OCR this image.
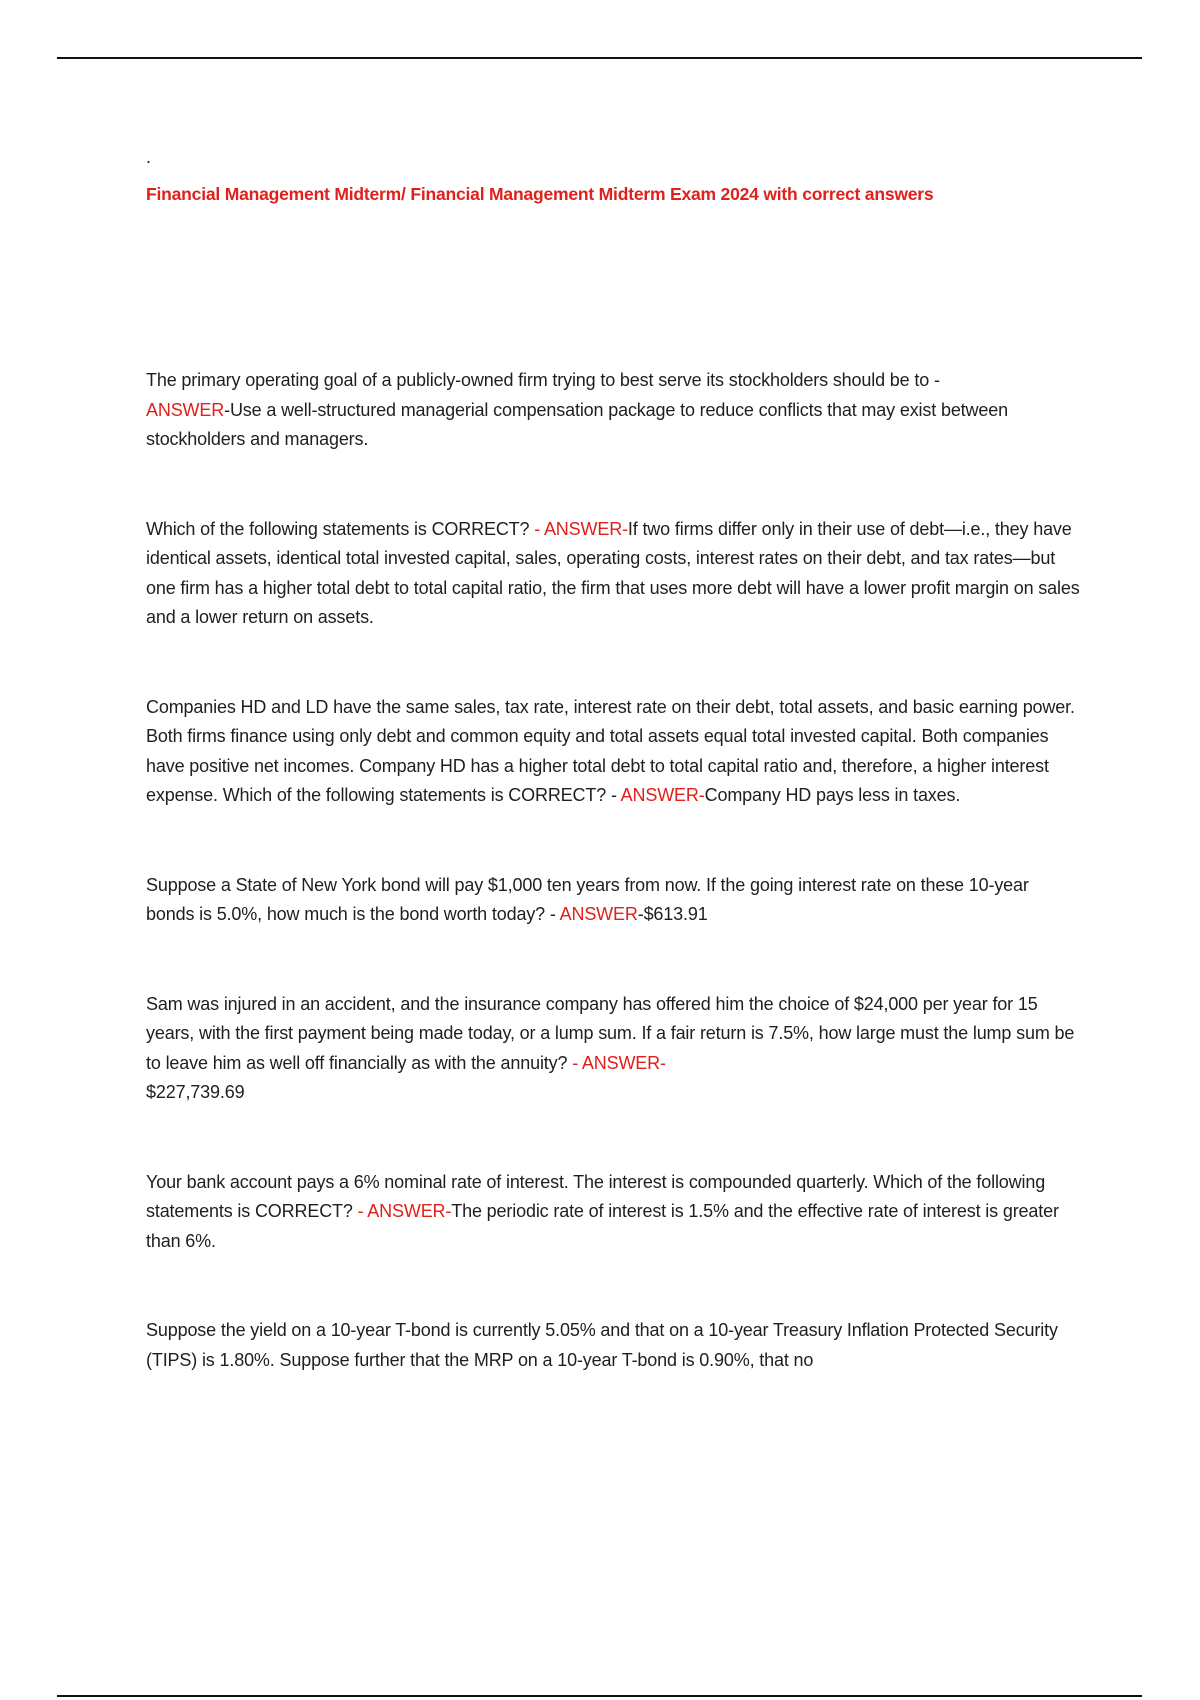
.
Financial Management Midterm/ Financial Management Midterm Exam 2024 with correct answers

The primary operating goal of a publicly-owned firm trying to best serve its stockholders should be to -
ANSWER-Use a well-structured managerial compensation package to reduce conflicts that may exist between stockholders and managers.

Which of the following statements is CORRECT? - ANSWER-If two firms differ only in their use of debt—i.e., they have identical assets, identical total invested capital, sales, operating costs, interest rates on their debt, and tax rates—but one firm has a higher total debt to total capital ratio, the firm that uses more debt will have a lower profit margin on sales and a lower return on assets.

Companies HD and LD have the same sales, tax rate, interest rate on their debt, total assets, and basic earning power. Both firms finance using only debt and common equity and total assets equal total invested capital. Both companies have positive net incomes. Company HD has a higher total debt to total capital ratio and, therefore, a higher interest expense. Which of the following statements is CORRECT? - ANSWER-Company HD pays less in taxes.

Suppose a State of New York bond will pay $1,000 ten years from now. If the going interest rate on these 10-year bonds is 5.0%, how much is the bond worth today? - ANSWER-$613.91

Sam was injured in an accident, and the insurance company has offered him the choice of $24,000 per year for 15 years, with the first payment being made today, or a lump sum. If a fair return is 7.5%, how large must the lump sum be to leave him as well off financially as with the annuity? - ANSWER-
$227,739.69

Your bank account pays a 6% nominal rate of interest. The interest is compounded quarterly. Which of the following statements is CORRECT? - ANSWER-The periodic rate of interest is 1.5% and the effective rate of interest is greater than 6%.

Suppose the yield on a 10-year T-bond is currently 5.05% and that on a 10-year Treasury Inflation Protected Security (TIPS) is 1.80%. Suppose further that the MRP on a 10-year T-bond is 0.90%, that no
